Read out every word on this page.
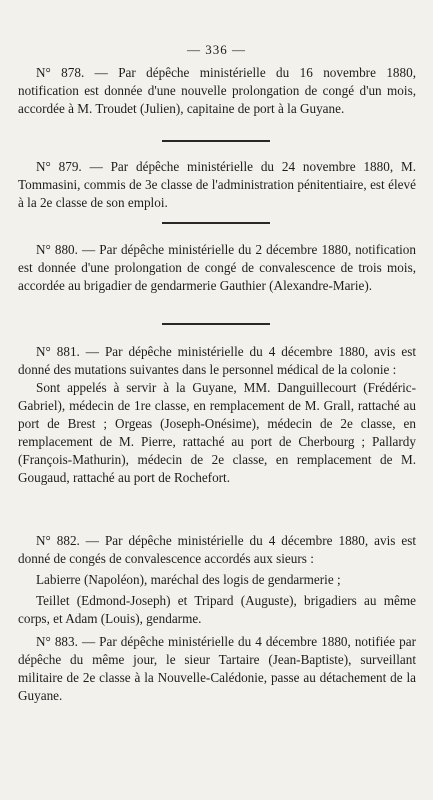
— 336 —

N° 878. — Par dépêche ministérielle du 16 novembre 1880, notification est donnée d'une nouvelle prolongation de congé d'un mois, accordée à M. Troudet (Julien), capitaine de port à la Guyane.

N° 879. — Par dépêche ministérielle du 24 novembre 1880, M. Tommasini, commis de 3e classe de l'administration pénitentiaire, est élevé à la 2e classe de son emploi.

N° 880. — Par dépêche ministérielle du 2 décembre 1880, notification est donnée d'une prolongation de congé de convalescence de trois mois, accordée au brigadier de gendarmerie Gauthier (Alexandre-Marie).

N° 881. — Par dépêche ministérielle du 4 décembre 1880, avis est donné des mutations suivantes dans le personnel médical de la colonie :

Sont appelés à servir à la Guyane, MM. Danguillecourt (Frédéric-Gabriel), médecin de 1re classe, en remplacement de M. Grall, rattaché au port de Brest ; Orgeas (Joseph-Onésime), médecin de 2e classe, en remplacement de M. Pierre, rattaché au port de Cherbourg ; Pallardy (François-Mathurin), médecin de 2e classe, en remplacement de M. Gougaud, rattaché au port de Rochefort.

N° 882. — Par dépêche ministérielle du 4 décembre 1880, avis est donné de congés de convalescence accordés aux sieurs :

Labierre (Napoléon), maréchal des logis de gendarmerie ;

Teillet (Edmond-Joseph) et Tripard (Auguste), brigadiers au même corps, et Adam (Louis), gendarme.

N° 883. — Par dépêche ministérielle du 4 décembre 1880, notifiée par dépêche du même jour, le sieur Tartaire (Jean-Baptiste), surveillant militaire de 2e classe à la Nouvelle-Calédonie, passe au détachement de la Guyane.
